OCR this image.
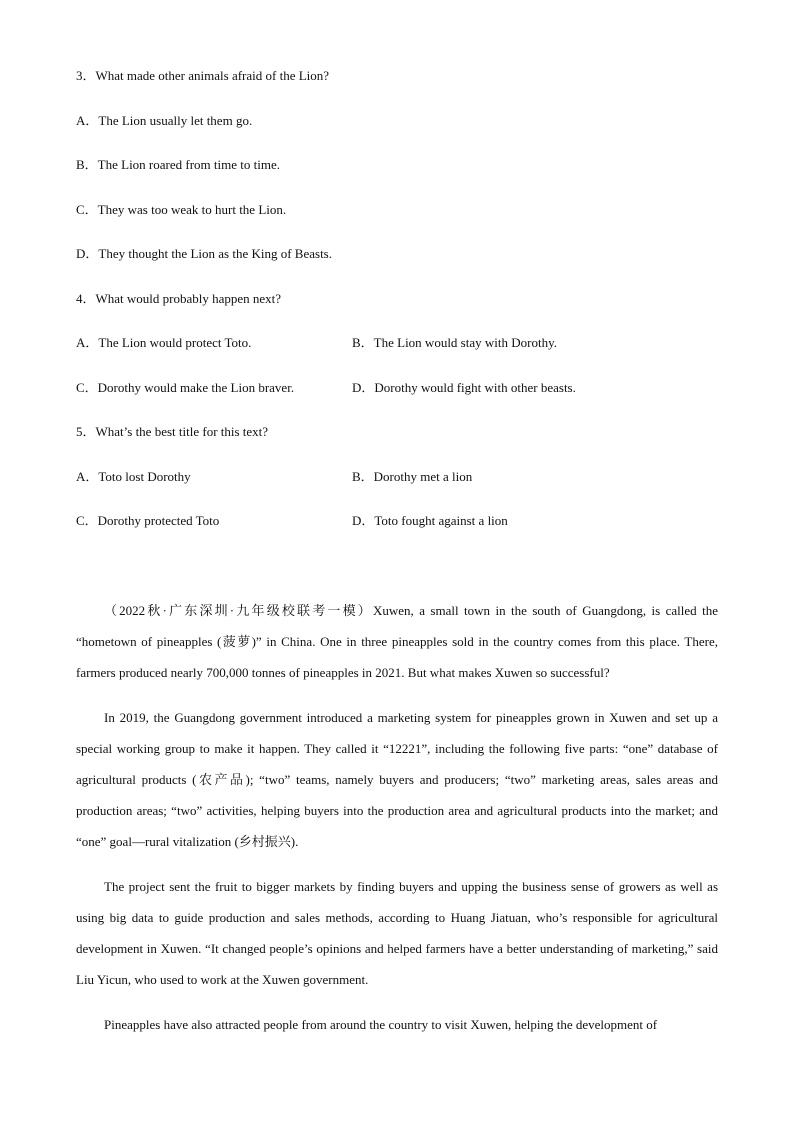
3．What made other animals afraid of the Lion?
A．The Lion usually let them go.
B．The Lion roared from time to time.
C．They was too weak to hurt the Lion.
D．They thought the Lion as the King of Beasts.
4．What would probably happen next?
A．The Lion would protect Toto.	B．The Lion would stay with Dorothy.
C．Dorothy would make the Lion braver.	D．Dorothy would fight with other beasts.
5．What’s the best title for this text?
A．Toto lost Dorothy	B．Dorothy met a lion
C．Dorothy protected Toto	D．Toto fought against a lion
（2022秋·广东深圳·九年级校联考一模）Xuwen, a small town in the south of Guangdong, is called the “hometown of pineapples (菠萝)” in China. One in three pineapples sold in the country comes from this place. There, farmers produced nearly 700,000 tonnes of pineapples in 2021. But what makes Xuwen so successful?
In 2019, the Guangdong government introduced a marketing system for pineapples grown in Xuwen and set up a special working group to make it happen. They called it “12221”, including the following five parts: “one” database of agricultural products (农产品); “two” teams, namely buyers and producers; “two” marketing areas, sales areas and production areas; “two” activities, helping buyers into the production area and agricultural products into the market; and “one” goal—rural vitalization (乡村振兴).
The project sent the fruit to bigger markets by finding buyers and upping the business sense of growers as well as using big data to guide production and sales methods, according to Huang Jiatuan, who’s responsible for agricultural development in Xuwen. “It changed people’s opinions and helped farmers have a better understanding of marketing,” said Liu Yicun, who used to work at the Xuwen government.
Pineapples have also attracted people from around the country to visit Xuwen, helping the development of
